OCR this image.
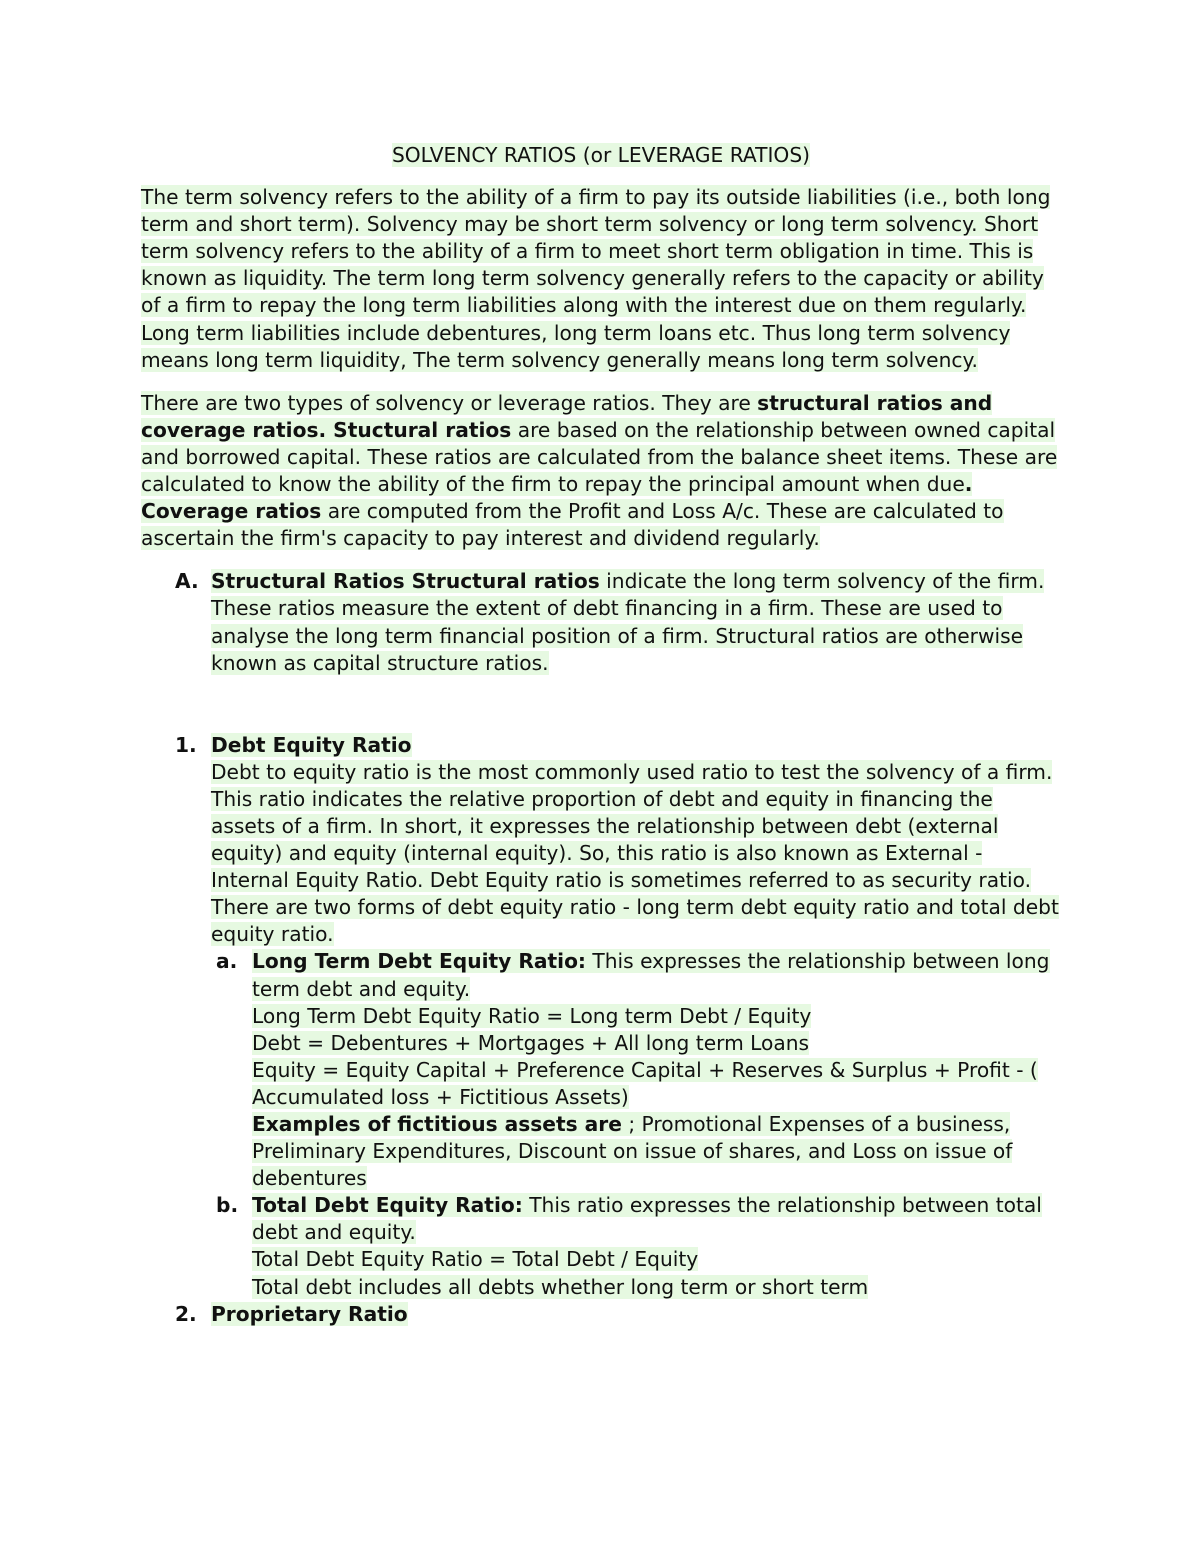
SOLVENCY RATIOS (or LEVERAGE RATIOS)

The term solvency refers to the ability of a firm to pay its outside liabilities (i.e., both long term and short term). Solvency may be short term solvency or long term solvency. Short term solvency refers to the ability of a firm to meet short term obligation in time. This is known as liquidity. The term long term solvency generally refers to the capacity or ability of a firm to repay the long term liabilities along with the interest due on them regularly. Long term liabilities include debentures, long term loans etc. Thus long term solvency means long term liquidity, The term solvency generally means long term solvency.

There are two types of solvency or leverage ratios. They are structural ratios and coverage ratios. Stuctural ratios are based on the relationship between owned capital and borrowed capital. These ratios are calculated from the balance sheet items. These are calculated to know the ability of the firm to repay the principal amount when due. Coverage ratios are computed from the Profit and Loss A/c. These are calculated to ascertain the firm's capacity to pay interest and dividend regularly.

A. Structural Ratios Structural ratios indicate the long term solvency of the firm. These ratios measure the extent of debt financing in a firm. These are used to analyse the long term financial position of a firm. Structural ratios are otherwise known as capital structure ratios.
1. Debt Equity Ratio
Debt to equity ratio is the most commonly used ratio to test the solvency of a firm. This ratio indicates the relative proportion of debt and equity in financing the assets of a firm. In short, it expresses the relationship between debt (external equity) and equity (internal equity). So, this ratio is also known as External - Internal Equity Ratio. Debt Equity ratio is sometimes referred to as security ratio.
There are two forms of debt equity ratio - long term debt equity ratio and total debt equity ratio.
a. Long Term Debt Equity Ratio: This expresses the relationship between long term debt and equity.
Long Term Debt Equity Ratio = Long term Debt / Equity
Debt = Debentures + Mortgages + All long term Loans
Equity = Equity Capital + Preference Capital + Reserves & Surplus + Profit - ( Accumulated loss + Fictitious Assets)
Examples of fictitious assets are ; Promotional Expenses of a business, Preliminary Expenditures, Discount on issue of shares, and Loss on issue of debentures
b. Total Debt Equity Ratio: This ratio expresses the relationship between total debt and equity.
Total Debt Equity Ratio = Total Debt / Equity
Total debt includes all debts whether long term or short term
2. Proprietary Ratio
